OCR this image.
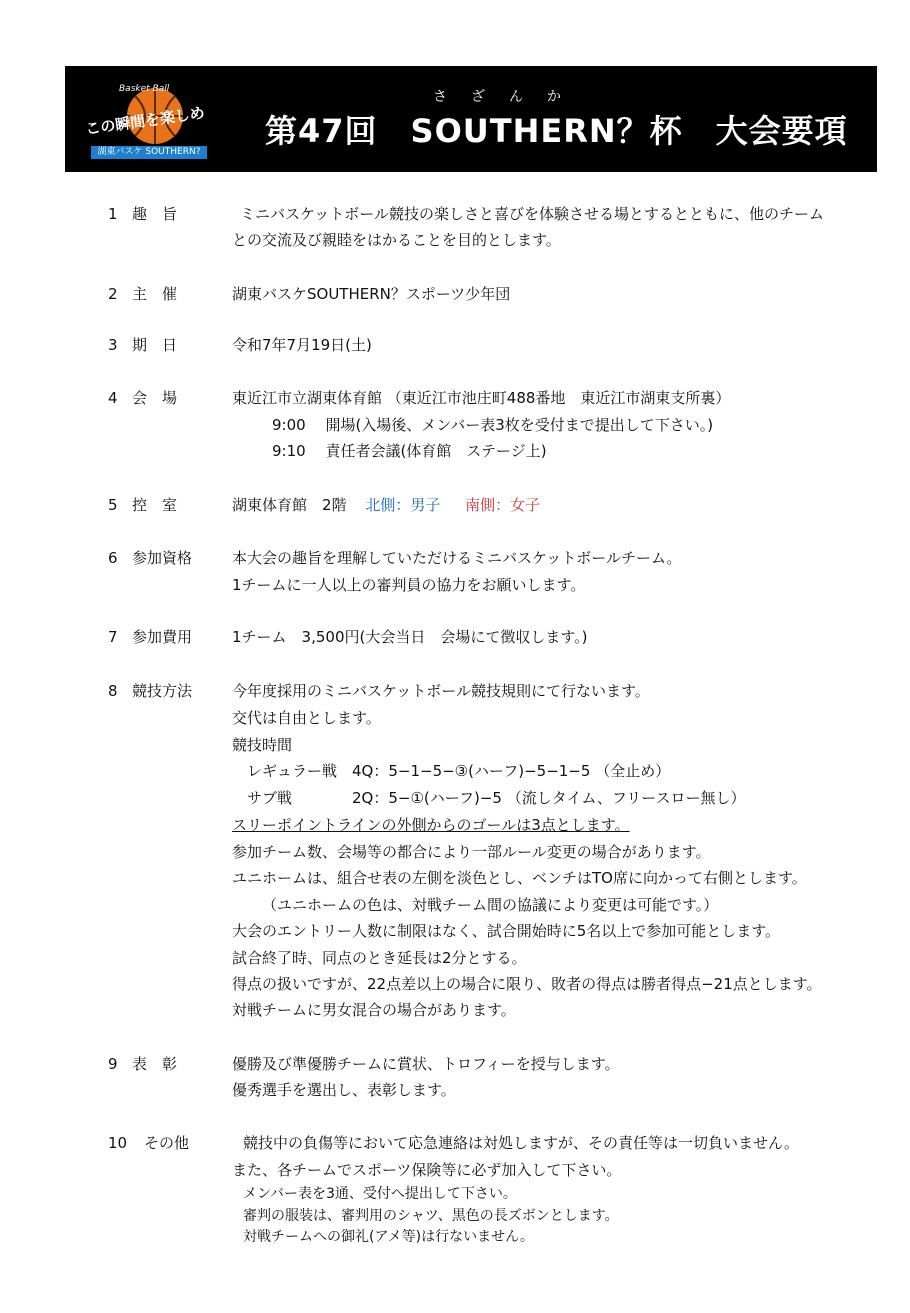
Basket Ball
この瞬間を楽しめ
湖東バスケ SOUTHERN?
さざんか
第47回　SOUTHERN？杯　大会要項
1 趣　旨	ミニバスケットボール競技の楽しさと喜びを体験させる場とするとともに、他のチーム
との交流及び親睦をはかることを目的とします。
2 主　催	湖東バスケSOUTHERN？スポーツ少年団
3 期　日	令和7年7月19日(土)
4 会　場	東近江市立湖東体育館 （東近江市池庄町488番地　東近江市湖東支所裏）
9:00　 開場(入場後、メンバー表3枚を受付まで提出して下さい。)
9:10　 責任者会議(体育館　ステージ上)
5 控　室	湖東体育館　2階 北側：男子 南側：女子
6 参加資格	本大会の趣旨を理解していただけるミニバスケットボールチーム。
1チームに一人以上の審判員の協力をお願いします。
7 参加費用	1チーム　3,500円(大会当日　会場にて徴収します。)
8 競技方法	今年度採用のミニバスケットボール競技規則にて行ないます。
交代は自由とします。
競技時間
レギュラー戦　4Q：5−1−5−③(ハーフ)−5−1−5 （全止め）
サブ戦　　　　2Q：5−①(ハーフ)−5 （流しタイム、フリースロー無し）
スリーポイントラインの外側からのゴールは3点とします。
参加チーム数、会場等の都合により一部ルール変更の場合があります。
ユニホームは、組合せ表の左側を淡色とし、ベンチはTO席に向かって右側とします。
（ユニホームの色は、対戦チーム間の協議により変更は可能です。）
大会のエントリー人数に制限はなく、試合開始時に5名以上で参加可能とします。
試合終了時、同点のとき延長は2分とする。
得点の扱いですが、22点差以上の場合に限り、敗者の得点は勝者得点−21点とします。
対戦チームに男女混合の場合があります。
9 表　彰	優勝及び準優勝チームに賞状、トロフィーを授与します。
優秀選手を選出し、表彰します。
10 その他	競技中の負傷等において応急連絡は対処しますが、その責任等は一切負いません。
また、各チームでスポーツ保険等に必ず加入して下さい。
メンバー表を3通、受付へ提出して下さい。
審判の服装は、審判用のシャツ、黒色の長ズボンとします。
対戦チームへの御礼(アメ等)は行ないません。
